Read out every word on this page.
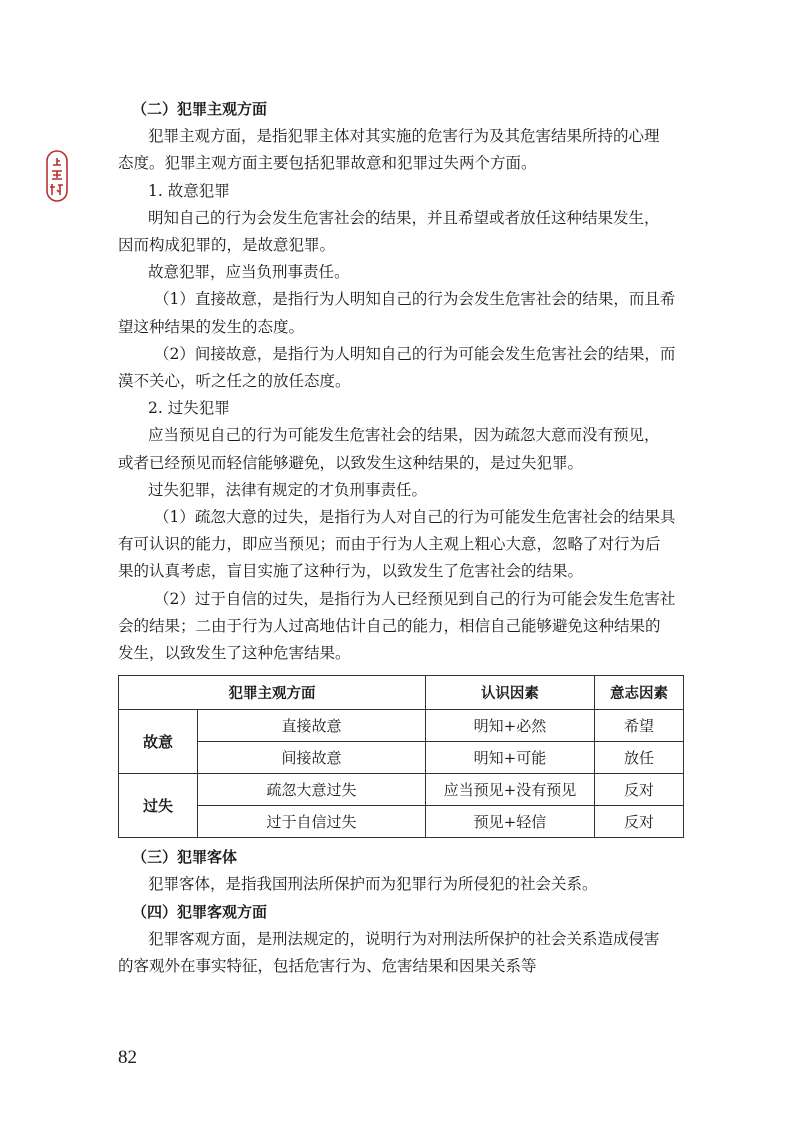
（二）犯罪主观方面
犯罪主观方面，是指犯罪主体对其实施的危害行为及其危害结果所持的心理
态度。犯罪主观方面主要包括犯罪故意和犯罪过失两个方面。
1. 故意犯罪
明知自己的行为会发生危害社会的结果，并且希望或者放任这种结果发生，
因而构成犯罪的，是故意犯罪。
故意犯罪，应当负刑事责任。
（1）直接故意，是指行为人明知自己的行为会发生危害社会的结果，而且希
望这种结果的发生的态度。
（2）间接故意，是指行为人明知自己的行为可能会发生危害社会的结果，而
漠不关心，听之任之的放任态度。
2. 过失犯罪
应当预见自己的行为可能发生危害社会的结果，因为疏忽大意而没有预见，
或者已经预见而轻信能够避免，以致发生这种结果的，是过失犯罪。
过失犯罪，法律有规定的才负刑事责任。
（1）疏忽大意的过失，是指行为人对自己的行为可能发生危害社会的结果具
有可认识的能力，即应当预见；而由于行为人主观上粗心大意，忽略了对行为后
果的认真考虑，盲目实施了这种行为，以致发生了危害社会的结果。
（2）过于自信的过失，是指行为人已经预见到自己的行为可能会发生危害社
会的结果；二由于行为人过高地估计自己的能力，相信自己能够避免这种结果的
发生，以致发生了这种危害结果。
犯罪主观方面		认识因素	意志因素
故意	直接故意	明知+必然	希望
	间接故意	明知+可能	放任
过失	疏忽大意过失	应当预见+没有预见	反对
	过于自信过失	预见+轻信	反对
（三）犯罪客体
犯罪客体，是指我国刑法所保护而为犯罪行为所侵犯的社会关系。
（四）犯罪客观方面
犯罪客观方面，是刑法规定的，说明行为对刑法所保护的社会关系造成侵害
的客观外在事实特征，包括危害行为、危害结果和因果关系等
82
